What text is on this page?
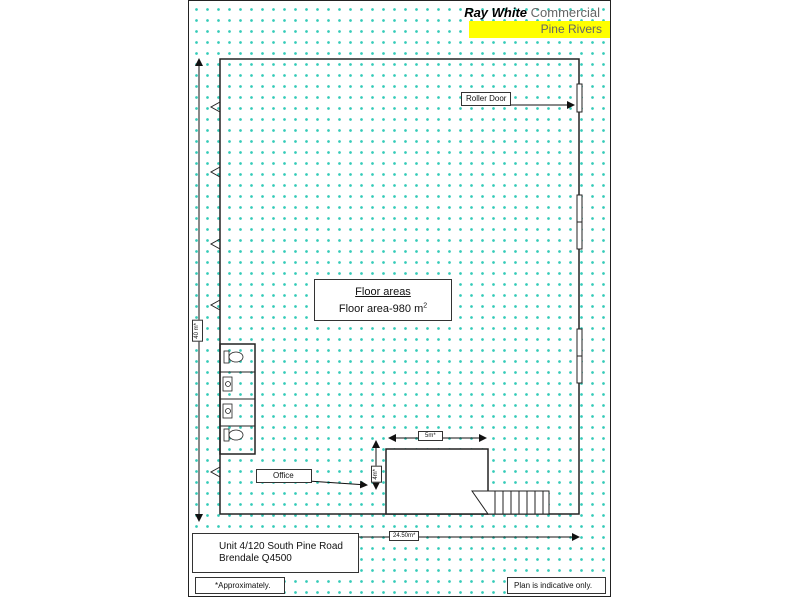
Ray White Commercial
Pine Rivers
Roller Door
Office
Floor areas
Floor area-980 $m^2$
40 m*
5m*
4m*
24.50m*
Unit 4/120 South Pine Road
Brendale Q4500
*Approximately.	Plan is indicative only.
